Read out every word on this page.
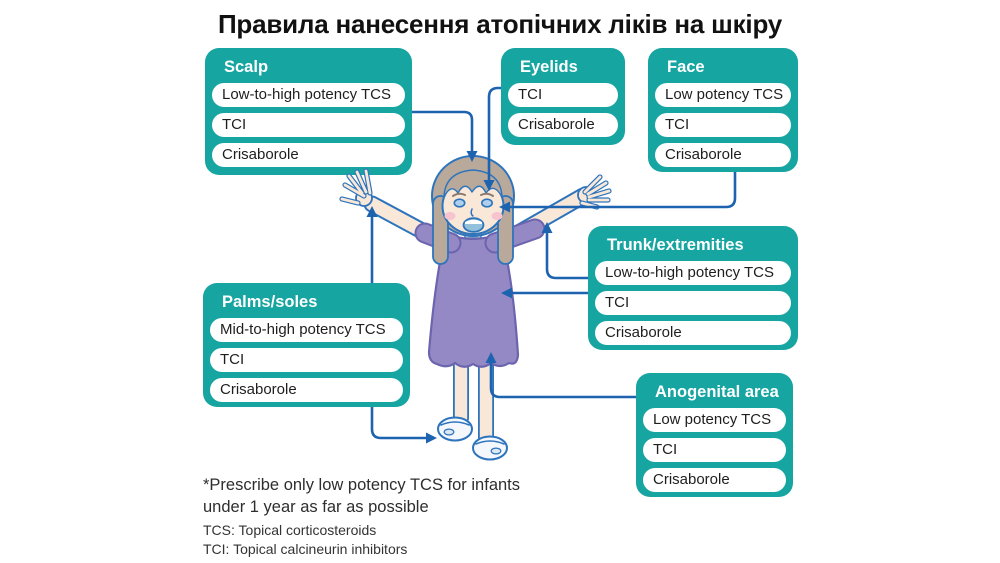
Правила нанесення атопічних ліків на шкіру
Scalp
Low-to-high potency TCS
TCI
Crisaborole
Eyelids
TCI
Crisaborole
Face
Low potency TCS
TCI
Crisaborole
Trunk/extremities
Low-to-high potency TCS
TCI
Crisaborole
Palms/soles
Mid-to-high potency TCS
TCI
Crisaborole	Anogenital area
Low potency TCS
TCI
Crisaborole
*Prescribe only low potency TCS for infants
under 1 year as far as possible
TCS: Topical corticosteroids
TCI: Topical calcineurin inhibitors
